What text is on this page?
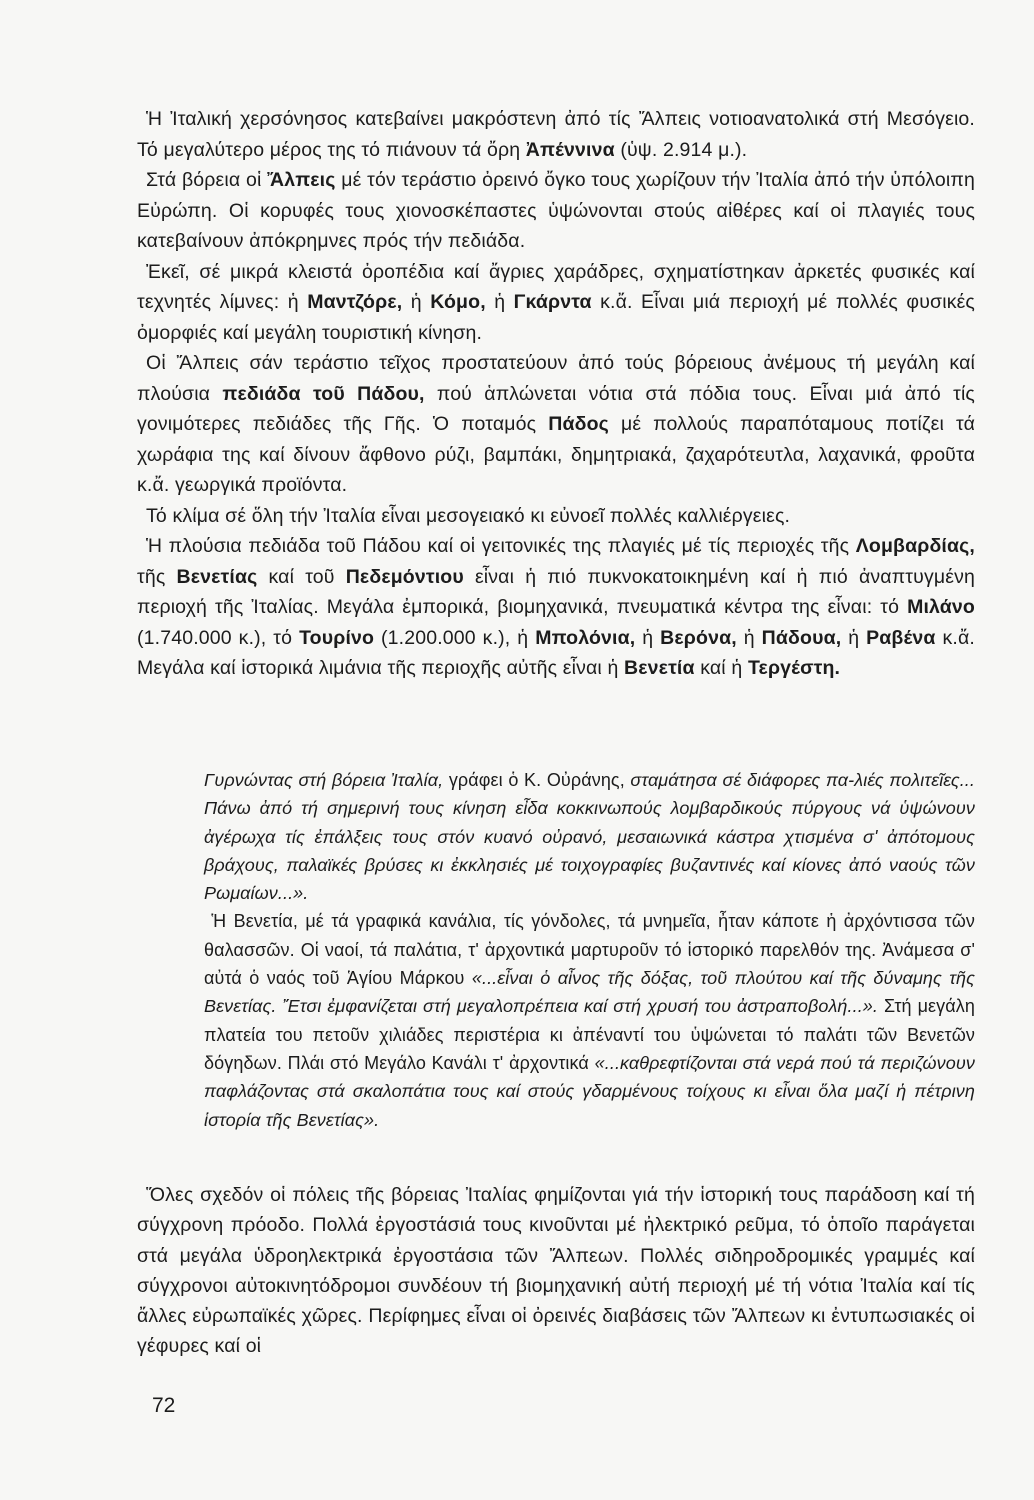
Ἡ Ἰταλική χερσόνησος κατεβαίνει μακρόστενη ἀπό τίς Ἄλπεις νοτιοανατολικά στή Μεσόγειο. Τό μεγαλύτερο μέρος της τό πιάνουν τά ὄρη Ἀπέννινα (ὑψ. 2.914 μ.).

Στά βόρεια οἱ Ἄλπεις μέ τόν τεράστιο ὀρεινό ὄγκο τους χωρίζουν τήν Ἰταλία ἀπό τήν ὑπόλοιπη Εὐρώπη. Οἱ κορυφές τους χιονοσκέπαστες ὑψώνονται στούς αἰθέρες καί οἱ πλαγιές τους κατεβαίνουν ἀπόκρημνες πρός τήν πεδιάδα.

Ἐκεῖ, σέ μικρά κλειστά ὀροπέδια καί ἄγριες χαράδρες, σχηματίστηκαν ἀρκετές φυσικές καί τεχνητές λίμνες: ἡ Μαντζόρε, ἡ Κόμο, ἡ Γκάρντα κ.ἄ. Εἶναι μιά περιοχή μέ πολλές φυσικές ὀμορφιές καί μεγάλη τουριστική κίνηση.

Οἱ Ἄλπεις σάν τεράστιο τεῖχος προστατεύουν ἀπό τούς βόρειους ἀνέμους τή μεγάλη καί πλούσια πεδιάδα τοῦ Πάδου, πού ἁπλώνεται νότια στά πόδια τους. Εἶναι μιά ἀπό τίς γονιμότερες πεδιάδες τῆς Γῆς. Ὁ ποταμός Πάδος μέ πολλούς παραπόταμους ποτίζει τά χωράφια της καί δίνουν ἄφθονο ρύζι, βαμπάκι, δημητριακά, ζαχαρότευτλα, λαχανικά, φροῦτα κ.ἄ. γεωργικά προϊόντα.

Τό κλίμα σέ ὅλη τήν Ἰταλία εἶναι μεσογειακό κι εὐνοεῖ πολλές καλλιέργειες.

Ἡ πλούσια πεδιάδα τοῦ Πάδου καί οἱ γειτονικές της πλαγιές μέ τίς περιοχές τῆς Λομβαρδίας, τῆς Βενετίας καί τοῦ Πεδεμόντιου εἶναι ἡ πιό πυκνοκατοικημένη καί ἡ πιό ἀναπτυγμένη περιοχή τῆς Ἰταλίας. Μεγάλα ἐμπορικά, βιομηχανικά, πνευματικά κέντρα της εἶναι: τό Μιλάνο (1.740.000 κ.), τό Τουρίνο (1.200.000 κ.), ἡ Μπολόνια, ἡ Βερόνα, ἡ Πάδουα, ἡ Ραβένα κ.ἄ. Μεγάλα καί ἱστορικά λιμάνια τῆς περιοχῆς αὐτῆς εἶναι ἡ Βενετία καί ἡ Τεργέστη.

Γυρνώντας στή βόρεια Ἰταλία, γράφει ὁ Κ. Οὐράνης, σταμάτησα σέ διάφορες πα-λιές πολιτεῖες... Πάνω ἀπό τή σημερινή τους κίνηση εἶδα κοκκινωπούς λομβαρδικούς πύργους νά ὑψώνουν ἀγέρωχα τίς ἐπάλξεις τους στόν κυανό οὐρανό, μεσαιωνικά κάστρα χτισμένα σ' ἀπότομους βράχους, παλαϊκές βρύσες κι ἐκκλησιές μέ τοιχογραφίες βυζαντινές καί κίονες ἀπό ναούς τῶν Ρωμαίων...».

Ἡ Βενετία, μέ τά γραφικά κανάλια, τίς γόνδολες, τά μνημεῖα, ἦταν κάποτε ἡ ἀρχόντισσα τῶν θαλασσῶν. Οἱ ναοί, τά παλάτια, τ' ἀρχοντικά μαρτυροῦν τό ἱστορικό παρελθόν της. Ἀνάμεσα σ' αὐτά ὁ ναός τοῦ Ἁγίου Μάρκου «...εἶναι ὁ αἶνος τῆς δόξας, τοῦ πλούτου καί τῆς δύναμης τῆς Βενετίας. Ἔτσι ἐμφανίζεται στή μεγαλοπρέπεια καί στή χρυσή του ἀστραποβολή...». Στή μεγάλη πλατεία του πετοῦν χιλιάδες περιστέρια κι ἀπέναντί του ὑψώνεται τό παλάτι τῶν Βενετῶν δόγηδων. Πλάι στό Μεγάλο Κανάλι τ' ἀρχοντικά «...καθρεφτίζονται στά νερά πού τά περιζώνουν παφλάζοντας στά σκαλοπάτια τους καί στούς γδαρμένους τοίχους κι εἶναι ὅλα μαζί ἡ πέτρινη ἱστορία τῆς Βενετίας».

Ὅλες σχεδόν οἱ πόλεις τῆς βόρειας Ἰταλίας φημίζονται γιά τήν ἱστορική τους παράδοση καί τή σύγχρονη πρόοδο. Πολλά ἐργοστάσιά τους κινοῦνται μέ ἠλεκτρικό ρεῦμα, τό ὁποῖο παράγεται στά μεγάλα ὑδροηλεκτρικά ἐργοστάσια τῶν Ἄλπεων. Πολλές σιδηροδρομικές γραμμές καί σύγχρονοι αὐτοκινητόδρομοι συνδέουν τή βιομηχανική αὐτή περιοχή μέ τή νότια Ἰταλία καί τίς ἄλλες εὐρωπαϊκές χῶρες. Περίφημες εἶναι οἱ ὀρεινές διαβάσεις τῶν Ἄλπεων κι ἐντυπωσιακές οἱ γέφυρες καί οἱ

72
